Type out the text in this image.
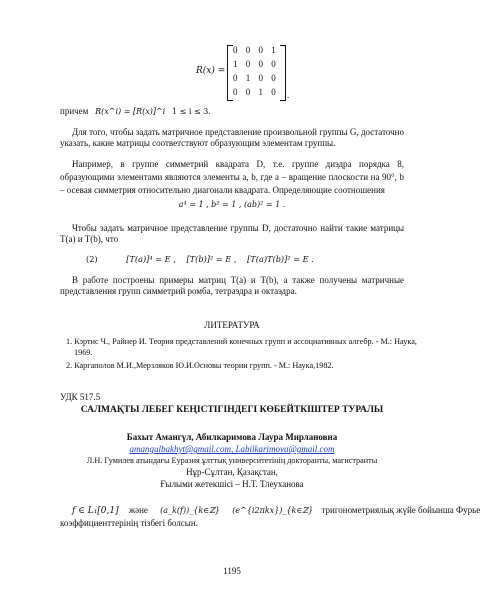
R(x) =
0 0 0 1
1 0 0 0
0 1 0 0
0 0 1 0 .
причем R(x^i) = [R(x)]^i 1 ≤ i ≤ 3.
Для того, чтобы задать матричное представление произвольной группы G, достаточно указать, какие матрицы соответствуют образующим элементам группы.
Например, в группе симметрий квадрата D, т.е. группе диэдра порядка 8, образующими элементами являются элементы a, b, где a – вращение плоскости на 90°, b – осевая симметрия относительно диагонали квадрата. Определяющие соотношения
a⁴ = 1 , b² = 1 , (ab)² = 1 .
Чтобы задать матричное представление группы D, достаточно найти такие матрицы T(a) и T(b), что
(2)	[T(a)]⁴ = E , [T(b)]² = E , [T(a)T(b)]² = E .
В работе построены примеры матриц T(a) и T(b), а также получены матричные представления групп симметрий ромба, тетраэдра и октаэдра.
ЛИТЕРАТУРА
1. Кэртис Ч., Райнер И. Теория представлений конечных групп и ассоциативных алгебр. - М.: Наука, 1969.
2. Каргаполов М.И.,Мерзляков Ю.И.Основы теории групп. - М.: Наука,1982.
УДК 517.5
САЛМАҚТЫ ЛЕБЕГ КЕҢІСТІГІНДЕГІ КӨБЕЙТКІШТЕР ТУРАЛЫ
Бахыт Амангүл, Абилкаримова Лаура Мирлановна
amangulbakhyt@gmail.com, Labilkarimova@gmail.com
Л.Н. Гумилев атындағы Еуразия ұлттық университетінің докторанты, магистранты
Нұр-Сұлтан, Қазақстан,
Ғылыми жетекшісі – Н.Т. Тлеуханова
f ∈ L₁[0,1] және (a_k(f))_{k∈ℤ} (e^{i2πkx})_{k∈ℤ} тригонометриялық жүйе бойынша Фурье
коэффициенттерінің тізбегі болсын.
1195
